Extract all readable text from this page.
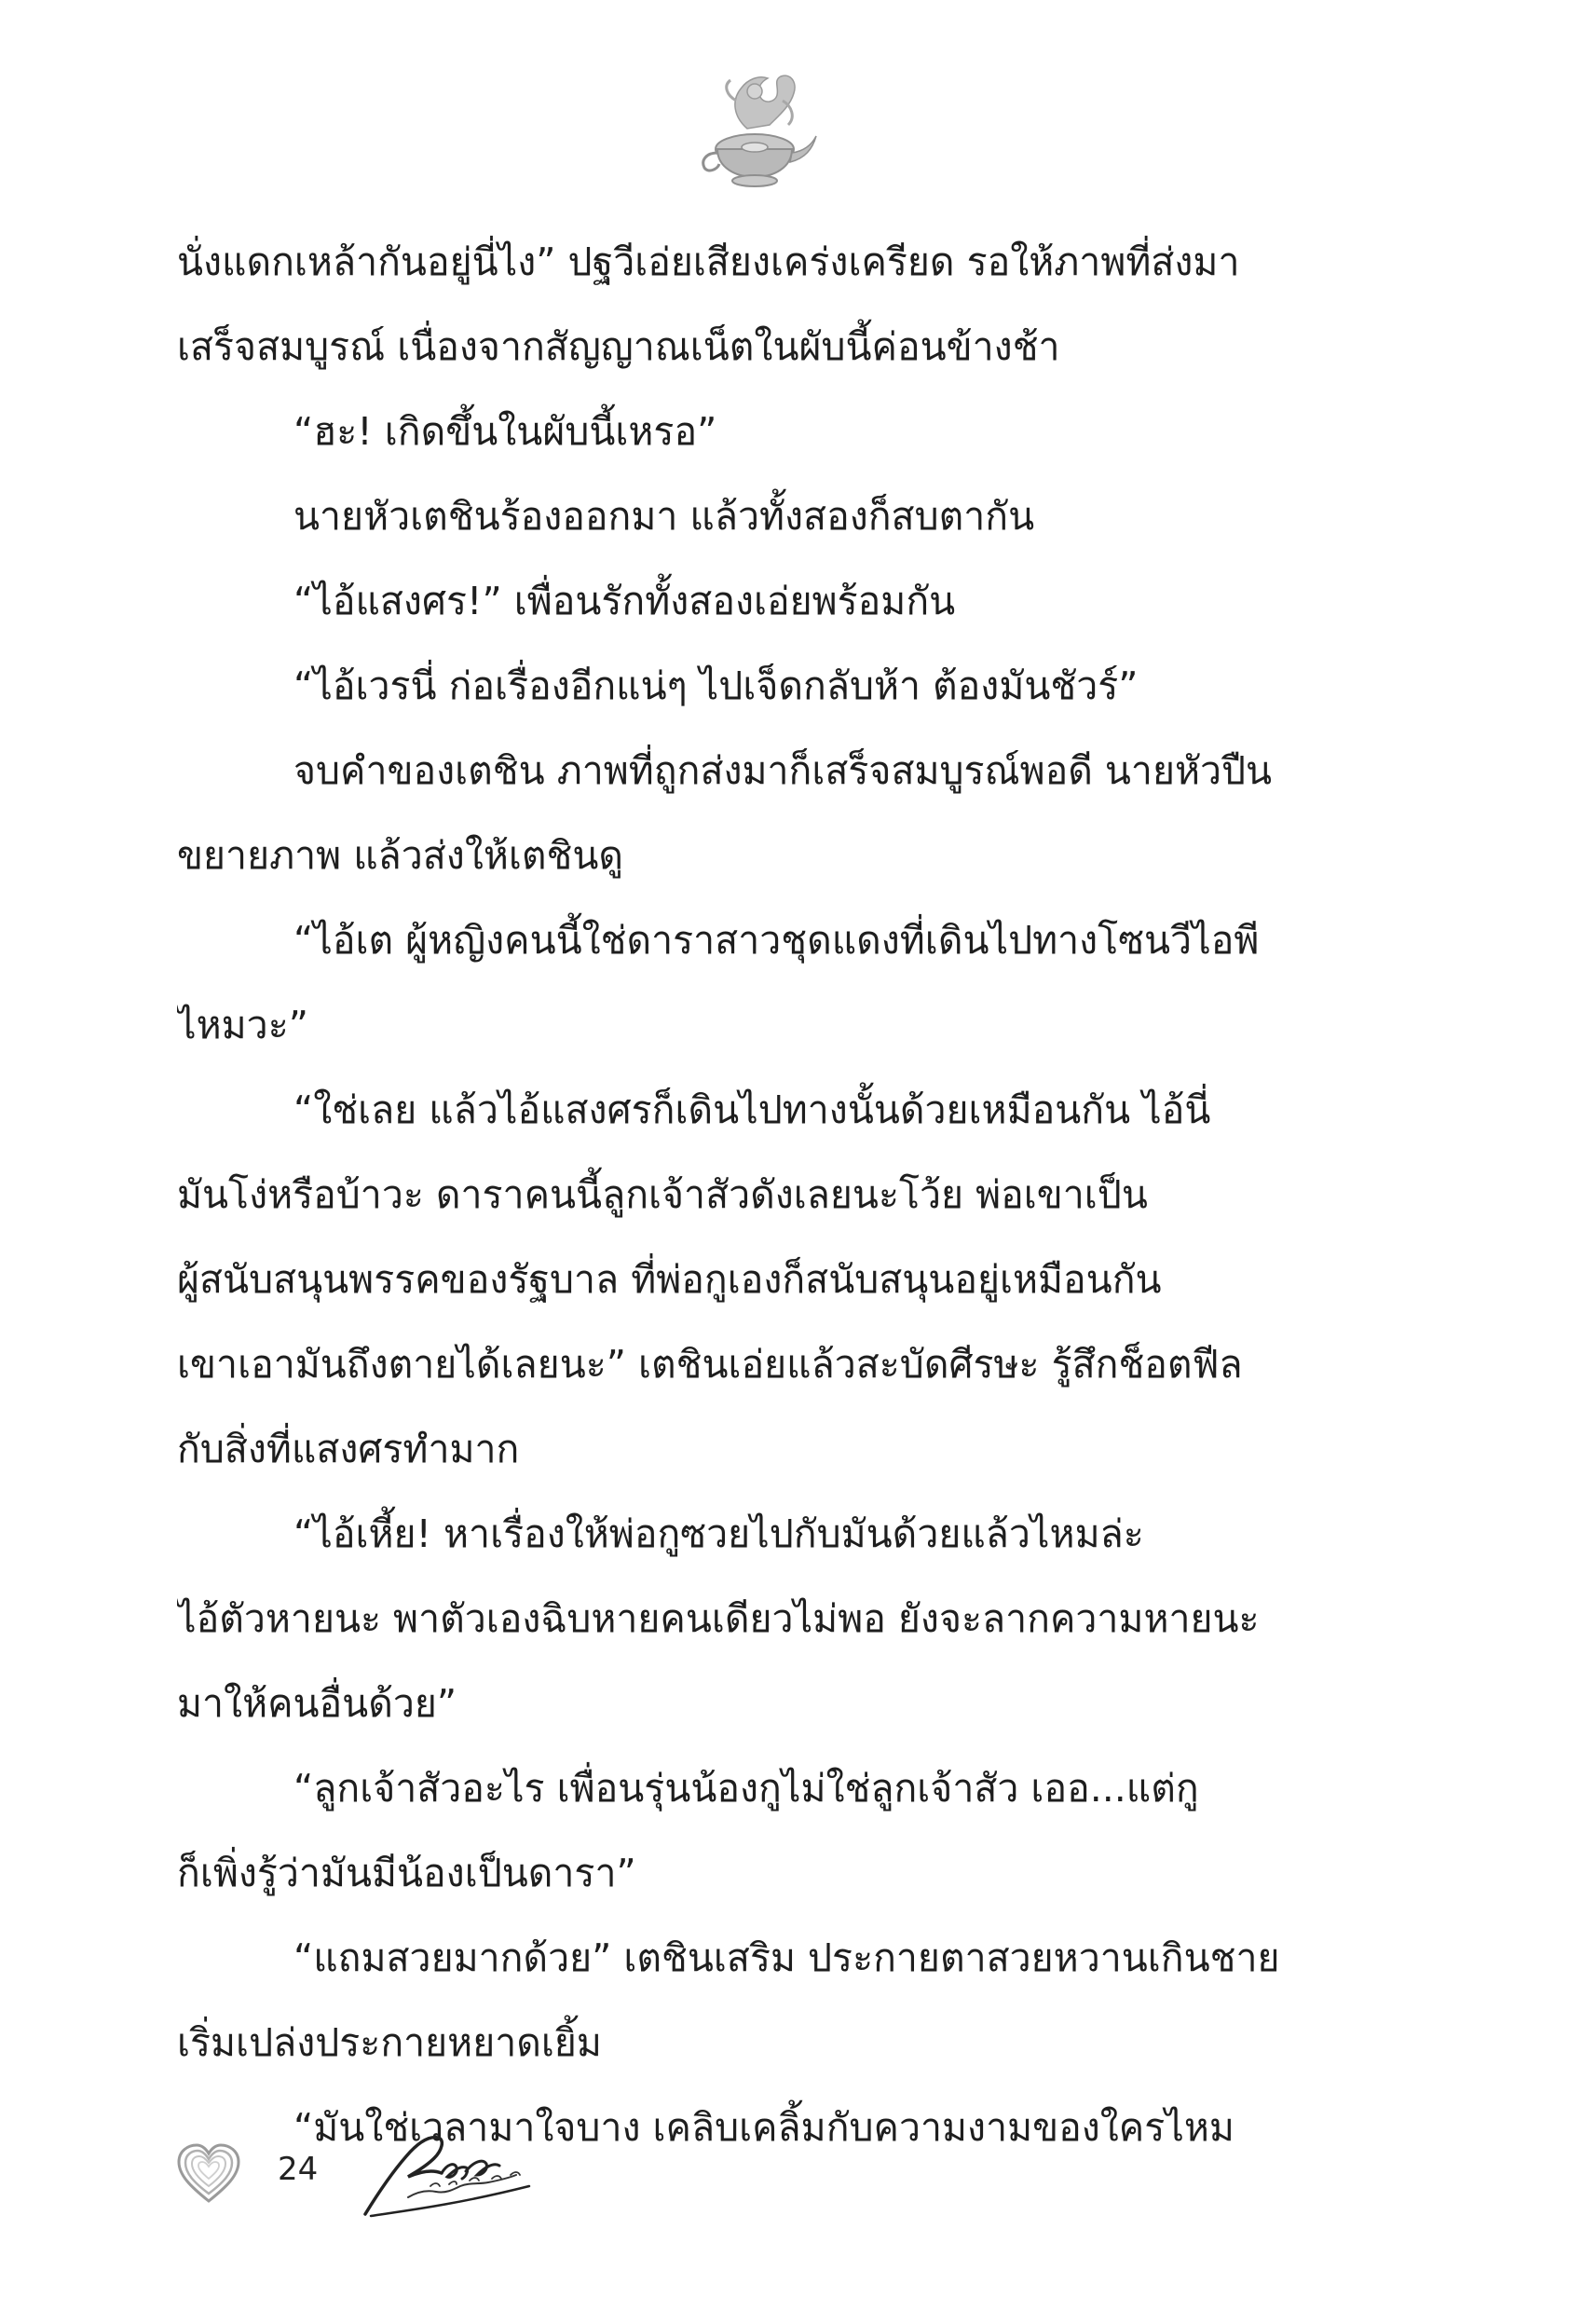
นั่งแดกเหล้ากันอยู่นี่ไง” ปฐวีเอ่ยเสียงเคร่งเครียด รอให้ภาพที่ส่งมา

เสร็จสมบูรณ์ เนื่องจากสัญญาณเน็ตในผับนี้ค่อนข้างช้า

“ฮะ! เกิดขึ้นในผับนี้เหรอ”

นายหัวเตชินร้องออกมา แล้วทั้งสองก็สบตากัน

“ไอ้แสงศร!” เพื่อนรักทั้งสองเอ่ยพร้อมกัน

“ไอ้เวรนี่ ก่อเรื่องอีกแน่ๆ ไปเจ็ดกลับห้า ต้องมันชัวร์”

จบคำของเตชิน ภาพที่ถูกส่งมาก็เสร็จสมบูรณ์พอดี นายหัวปืน

ขยายภาพ แล้วส่งให้เตชินดู

“ไอ้เต ผู้หญิงคนนี้ใช่ดาราสาวชุดแดงที่เดินไปทางโซนวีไอพี

ไหมวะ”

“ใช่เลย แล้วไอ้แสงศรก็เดินไปทางนั้นด้วยเหมือนกัน ไอ้นี่

มันโง่หรือบ้าวะ ดาราคนนี้ลูกเจ้าสัวดังเลยนะโว้ย พ่อเขาเป็น

ผู้สนับสนุนพรรคของรัฐบาล ที่พ่อกูเองก็สนับสนุนอยู่เหมือนกัน

เขาเอามันถึงตายได้เลยนะ” เตชินเอ่ยแล้วสะบัดศีรษะ รู้สึกช็อตฟีล

กับสิ่งที่แสงศรทำมาก

“ไอ้เหี้ย! หาเรื่องให้พ่อกูซวยไปกับมันด้วยแล้วไหมล่ะ

ไอ้ตัวหายนะ พาตัวเองฉิบหายคนเดียวไม่พอ ยังจะลากความหายนะ

มาให้คนอื่นด้วย”

“ลูกเจ้าสัวอะไร เพื่อนรุ่นน้องกูไม่ใช่ลูกเจ้าสัว เออ...แต่กู

ก็เพิ่งรู้ว่ามันมีน้องเป็นดารา”

“แถมสวยมากด้วย” เตชินเสริม ประกายตาสวยหวานเกินชาย

เริ่มเปล่งประกายหยาดเยิ้ม

“มันใช่เวลามาใจบาง เคลิบเคลิ้มกับความงามของใครไหม

24
